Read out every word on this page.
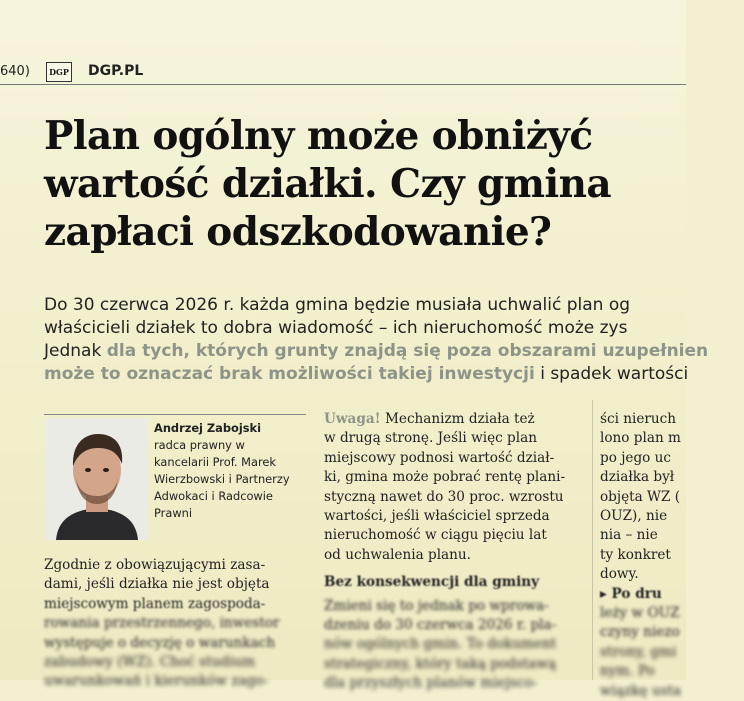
640)	DGP DGP.PL
Plan ogólny może obniżyć
wartość działki. Czy gmina
zapłaci odszkodowanie?
Do 30 czerwca 2026 r. każda gmina będzie musiała uchwalić plan og
właścicieli działek to dobra wiadomość – ich nieruchomość może zys
Jednak dla tych, których grunty znajdą się poza obszarami uzupełnien
może to oznaczać brak możliwości takiej inwestycji i spadek wartości
Andrzej Zabojski
radca prawny w
kancelarii Prof. Marek
Wierzbowski i Partnerzy
Adwokaci i Radcowie
Prawni
Zgodnie z obowiązującymi zasa-
dami, jeśli działka nie jest objęta
miejscowym planem zagospoda-
rowania przestrzennego, inwestor
występuje o decyzję o warunkach
zabudowy (WZ). Choć studium
uwarunkowań i kierunków zago-
Uwaga! Mechanizm działa też
w drugą stronę. Jeśli więc plan
miejscowy podnosi wartość dział-
ki, gmina może pobrać rentę plani-
styczną nawet do 30 proc. wzrostu
wartości, jeśli właściciel sprzeda
nieruchomość w ciągu pięciu lat
od uchwalenia planu.
Bez konsekwencji dla gminy
Zmieni się to jednak po wprowa-
dzeniu do 30 czerwca 2026 r. pla-
nów ogólnych gmin. To dokument
strategiczny, który taką podstawą
dla przyszłych planów miejsco-
ści nieruch
lono plan m
po jego uc
działka był
objęta WZ (
OUZ), nie
nia – nie
ty konkret
dowy.
▸ Po dru
leży w OUZ
czyny niezo
strony, gmi
nym. Po
wiązkę usta
